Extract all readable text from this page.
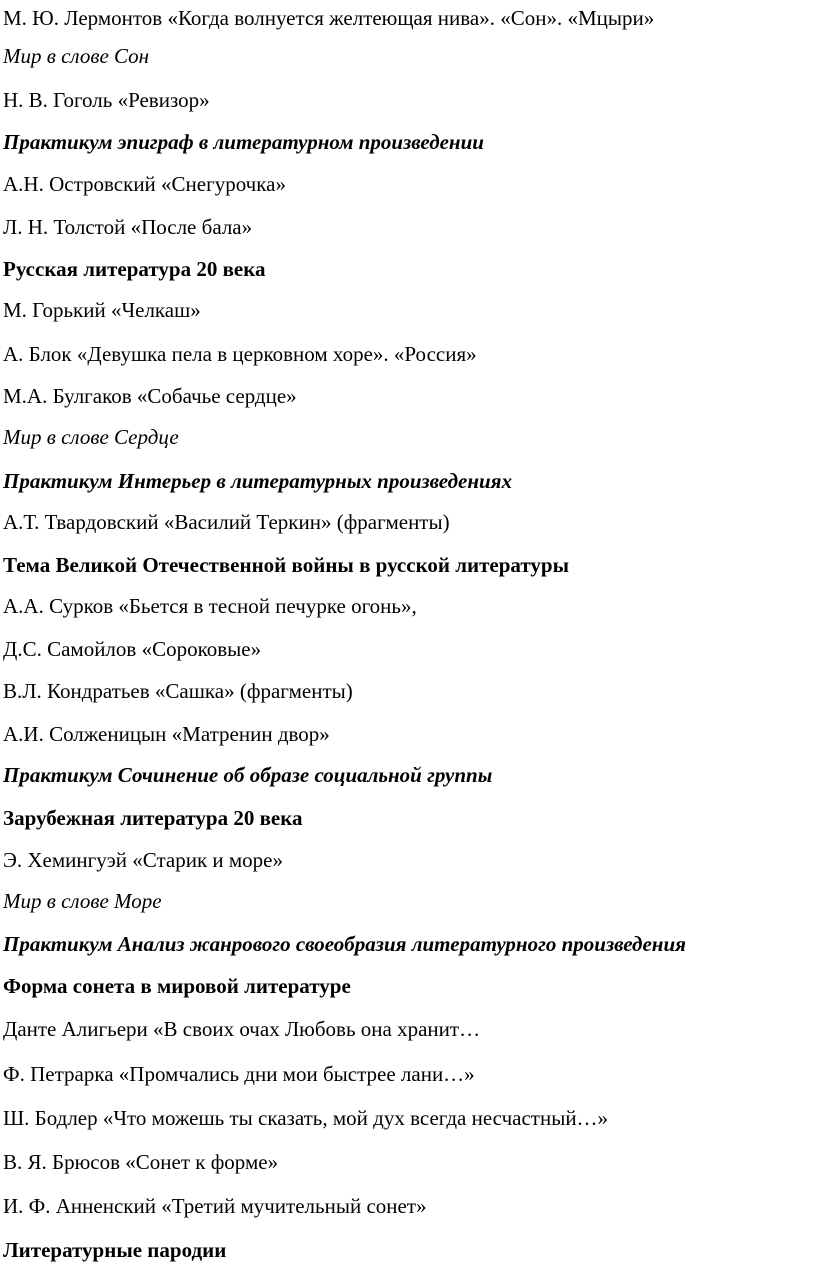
М. Ю. Лермонтов «Когда волнуется желтеющая нива». «Сон». «Мцыри»

Мир в слове Сон

Н. В. Гоголь «Ревизор»

Практикум эпиграф в литературном произведении

А.Н. Островский «Снегурочка»

Л. Н. Толстой «После бала»

Русская литература 20 века

М. Горький «Челкаш»

А. Блок «Девушка пела в церковном хоре». «Россия»

М.А. Булгаков «Собачье сердце»

Мир в слове Сердце

Практикум Интерьер в литературных произведениях

А.Т. Твардовский «Василий Теркин» (фрагменты)

Тема Великой Отечественной войны в русской литературы

А.А. Сурков «Бьется в тесной печурке огонь»,

Д.С. Самойлов «Сороковые»

В.Л. Кондратьев «Сашка» (фрагменты)

А.И. Солженицын «Матренин двор»

Практикум Сочинение об образе социальной группы

Зарубежная литература 20 века

Э. Хемингуэй «Старик и море»

Мир в слове Море

Практикум Анализ жанрового своеобразия литературного произведения

Форма сонета в мировой литературе

Данте Алигьери «В своих очах Любовь она хранит…

Ф. Петрарка «Промчались дни мои быстрее лани…»

Ш. Бодлер «Что можешь ты сказать, мой дух всегда несчастный…»

В. Я. Брюсов «Сонет к форме»

И. Ф. Анненский «Третий мучительный сонет»

Литературные пародии
